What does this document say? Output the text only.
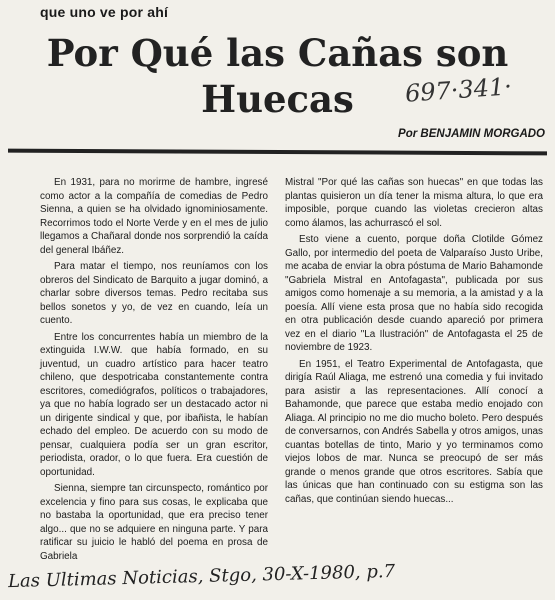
que uno ve por ahí
Por Qué las Cañas son Huecas	697·341·
Por BENJAMIN MORGADO

En 1931, para no morirme de hambre, ingresé como actor a la compañía de comedias de Pedro Sienna, a quien se ha olvidado ignominiosamente. Recorrimos todo el Norte Verde y en el mes de julio llegamos a Chañaral donde nos sorprendió la caída del general Ibáñez.

Para matar el tiempo, nos reuníamos con los obreros del Sindicato de Barquito a jugar dominó, a charlar sobre diversos temas. Pedro recitaba sus bellos sonetos y yo, de vez en cuando, leía un cuento.

Entre los concurrentes había un miembro de la extinguida I.W.W. que había formado, en su juventud, un cuadro artístico para hacer teatro chileno, que despotricaba constantemente contra escritores, comediógrafos, políticos o trabajadores, ya que no había logrado ser un destacado actor ni un dirigente sindical y que, por ibañista, le habían echado del empleo. De acuerdo con su modo de pensar, cualquiera podía ser un gran escritor, periodista, orador, o lo que fuera. Era cuestión de oportunidad.

Sienna, siempre tan circunspecto, romántico por excelencia y fino para sus cosas, le explicaba que no bastaba la oportunidad, que era preciso tener algo... que no se adquiere en ninguna parte. Y para ratificar su juicio le habló del poema en prosa de Gabriela

Mistral "Por qué las cañas son huecas" en que todas las plantas quisieron un día tener la misma altura, lo que era imposible, porque cuando las violetas crecieron altas como álamos, las achurrascó el sol.

Esto viene a cuento, porque doña Clotilde Gómez Gallo, por intermedio del poeta de Valparaíso Justo Uribe, me acaba de enviar la obra póstuma de Mario Bahamonde "Gabriela Mistral en Antofagasta", publicada por sus amigos como homenaje a su memoria, a la amistad y a la poesía. Allí viene esta prosa que no había sido recogida en otra publicación desde cuando apareció por primera vez en el diario "La Ilustración" de Antofagasta el 25 de noviembre de 1923.

En 1951, el Teatro Experimental de Antofagasta, que dirigía Raúl Aliaga, me estrenó una comedia y fui invitado para asistir a las representaciones. Allí conocí a Bahamonde, que parece que estaba medio enojado con Aliaga. Al principio no me dio mucho boleto. Pero después de conversarnos, con Andrés Sabella y otros amigos, unas cuantas botellas de tinto, Mario y yo terminamos como viejos lobos de mar. Nunca se preocupó de ser más grande o menos grande que otros escritores. Sabía que las únicas que han continuado con su estigma son las cañas, que continúan siendo huecas...

Las Ultimas Noticias, Stgo, 30-X-1980, p.7
